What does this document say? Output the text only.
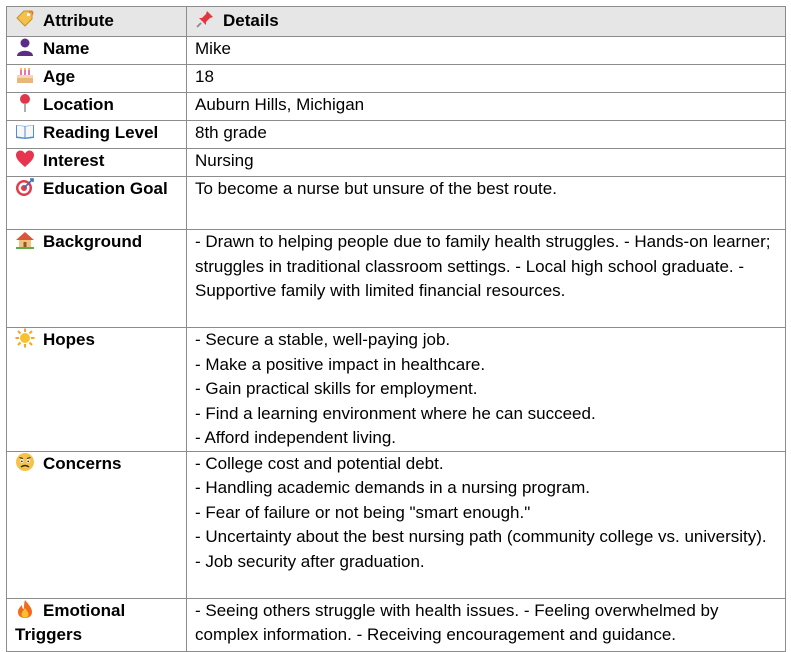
Attribute	Details

Name	Mike

Age	18

Location	Auburn Hills, Michigan

Reading Level	8th grade

Interest	Nursing

Education Goal	To become a nurse but unsure of the best route.

Background	- Drawn to helping people due to family health struggles. - Hands-on learner; struggles in traditional classroom settings. - Local high school graduate. - Supportive family with limited financial resources.

Hopes	- Secure a stable, well-paying job.
- Make a positive impact in healthcare.
- Gain practical skills for employment.
- Find a learning environment where he can succeed.
- Afford independent living.

Concerns	- College cost and potential debt.
- Handling academic demands in a nursing program.
- Fear of failure or not being "smart enough."
- Uncertainty about the best nursing path (community college vs. university).
- Job security after graduation.

Emotional Triggers	- Seeing others struggle with health issues. - Feeling overwhelmed by complex information. - Receiving encouragement and guidance.
